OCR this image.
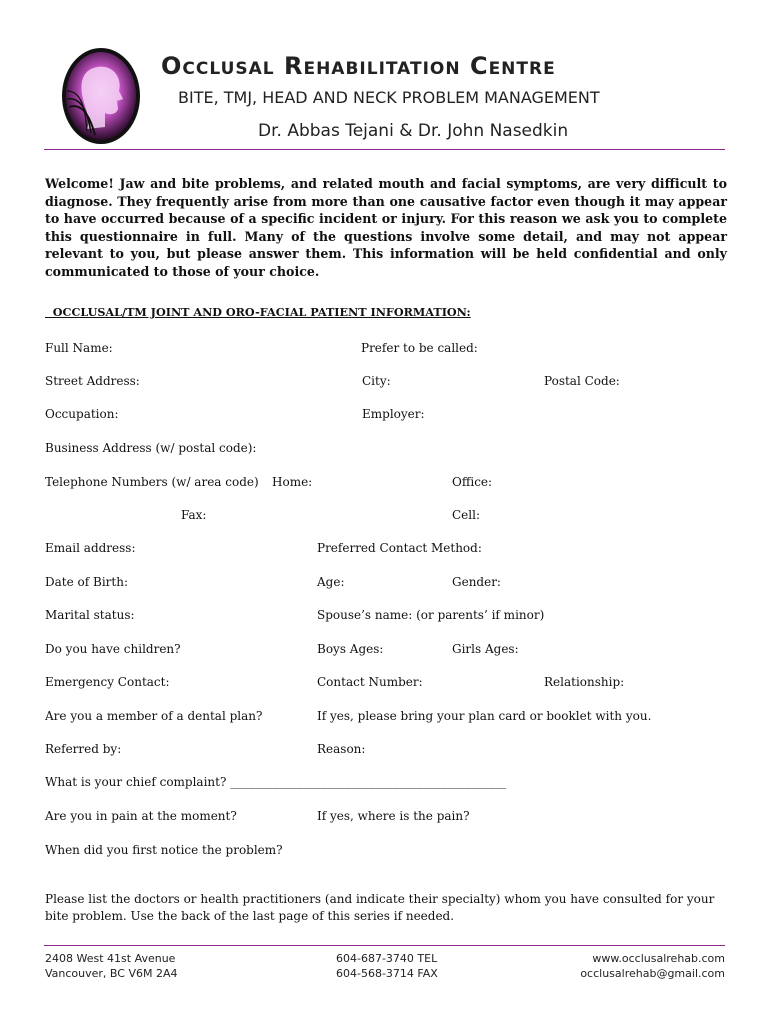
Occlusal Rehabilitation Centre
BITE, TMJ, HEAD AND NECK PROBLEM MANAGEMENT
Dr. Abbas Tejani & Dr. John Nasedkin
Welcome! Jaw and bite problems, and related mouth and facial symptoms, are very difficult to diagnose. They frequently arise from more than one causative factor even though it may appear to have occurred because of a specific incident or injury. For this reason we ask you to complete this questionnaire in full. Many of the questions involve some detail, and may not appear relevant to you, but please answer them. This information will be held confidential and only communicated to those of your choice.
OCCLUSAL/TM JOINT AND ORO-FACIAL PATIENT INFORMATION:
Full Name:	Prefer to be called:
Street Address:	City:	Postal Code:
Occupation:	Employer:
Business Address (w/ postal code):
Telephone Numbers (w/ area code) Home:	Office:
Fax:	Cell:
Email address:	Preferred Contact Method:
Date of Birth:	Age:	Gender:
Marital status:	Spouse’s name: (or parents’ if minor)
Do you have children?	Boys Ages:	Girls Ages:
Emergency Contact:	Contact Number:	Relationship:
Are you a member of a dental plan?	If yes, please bring your plan card or booklet with you.
Referred by:	Reason:
What is your chief complaint? ______________________________________________
Are you in pain at the moment?	If yes, where is the pain?
When did you first notice the problem?
Please list the doctors or health practitioners (and indicate their specialty) whom you have consulted for your bite problem. Use the back of the last page of this series if needed.
2408 West 41st Avenue
Vancouver, BC V6M 2A4
604-687-3740 TEL
604-568-3714 FAX
www.occlusalrehab.com
occlusalrehab@gmail.com
